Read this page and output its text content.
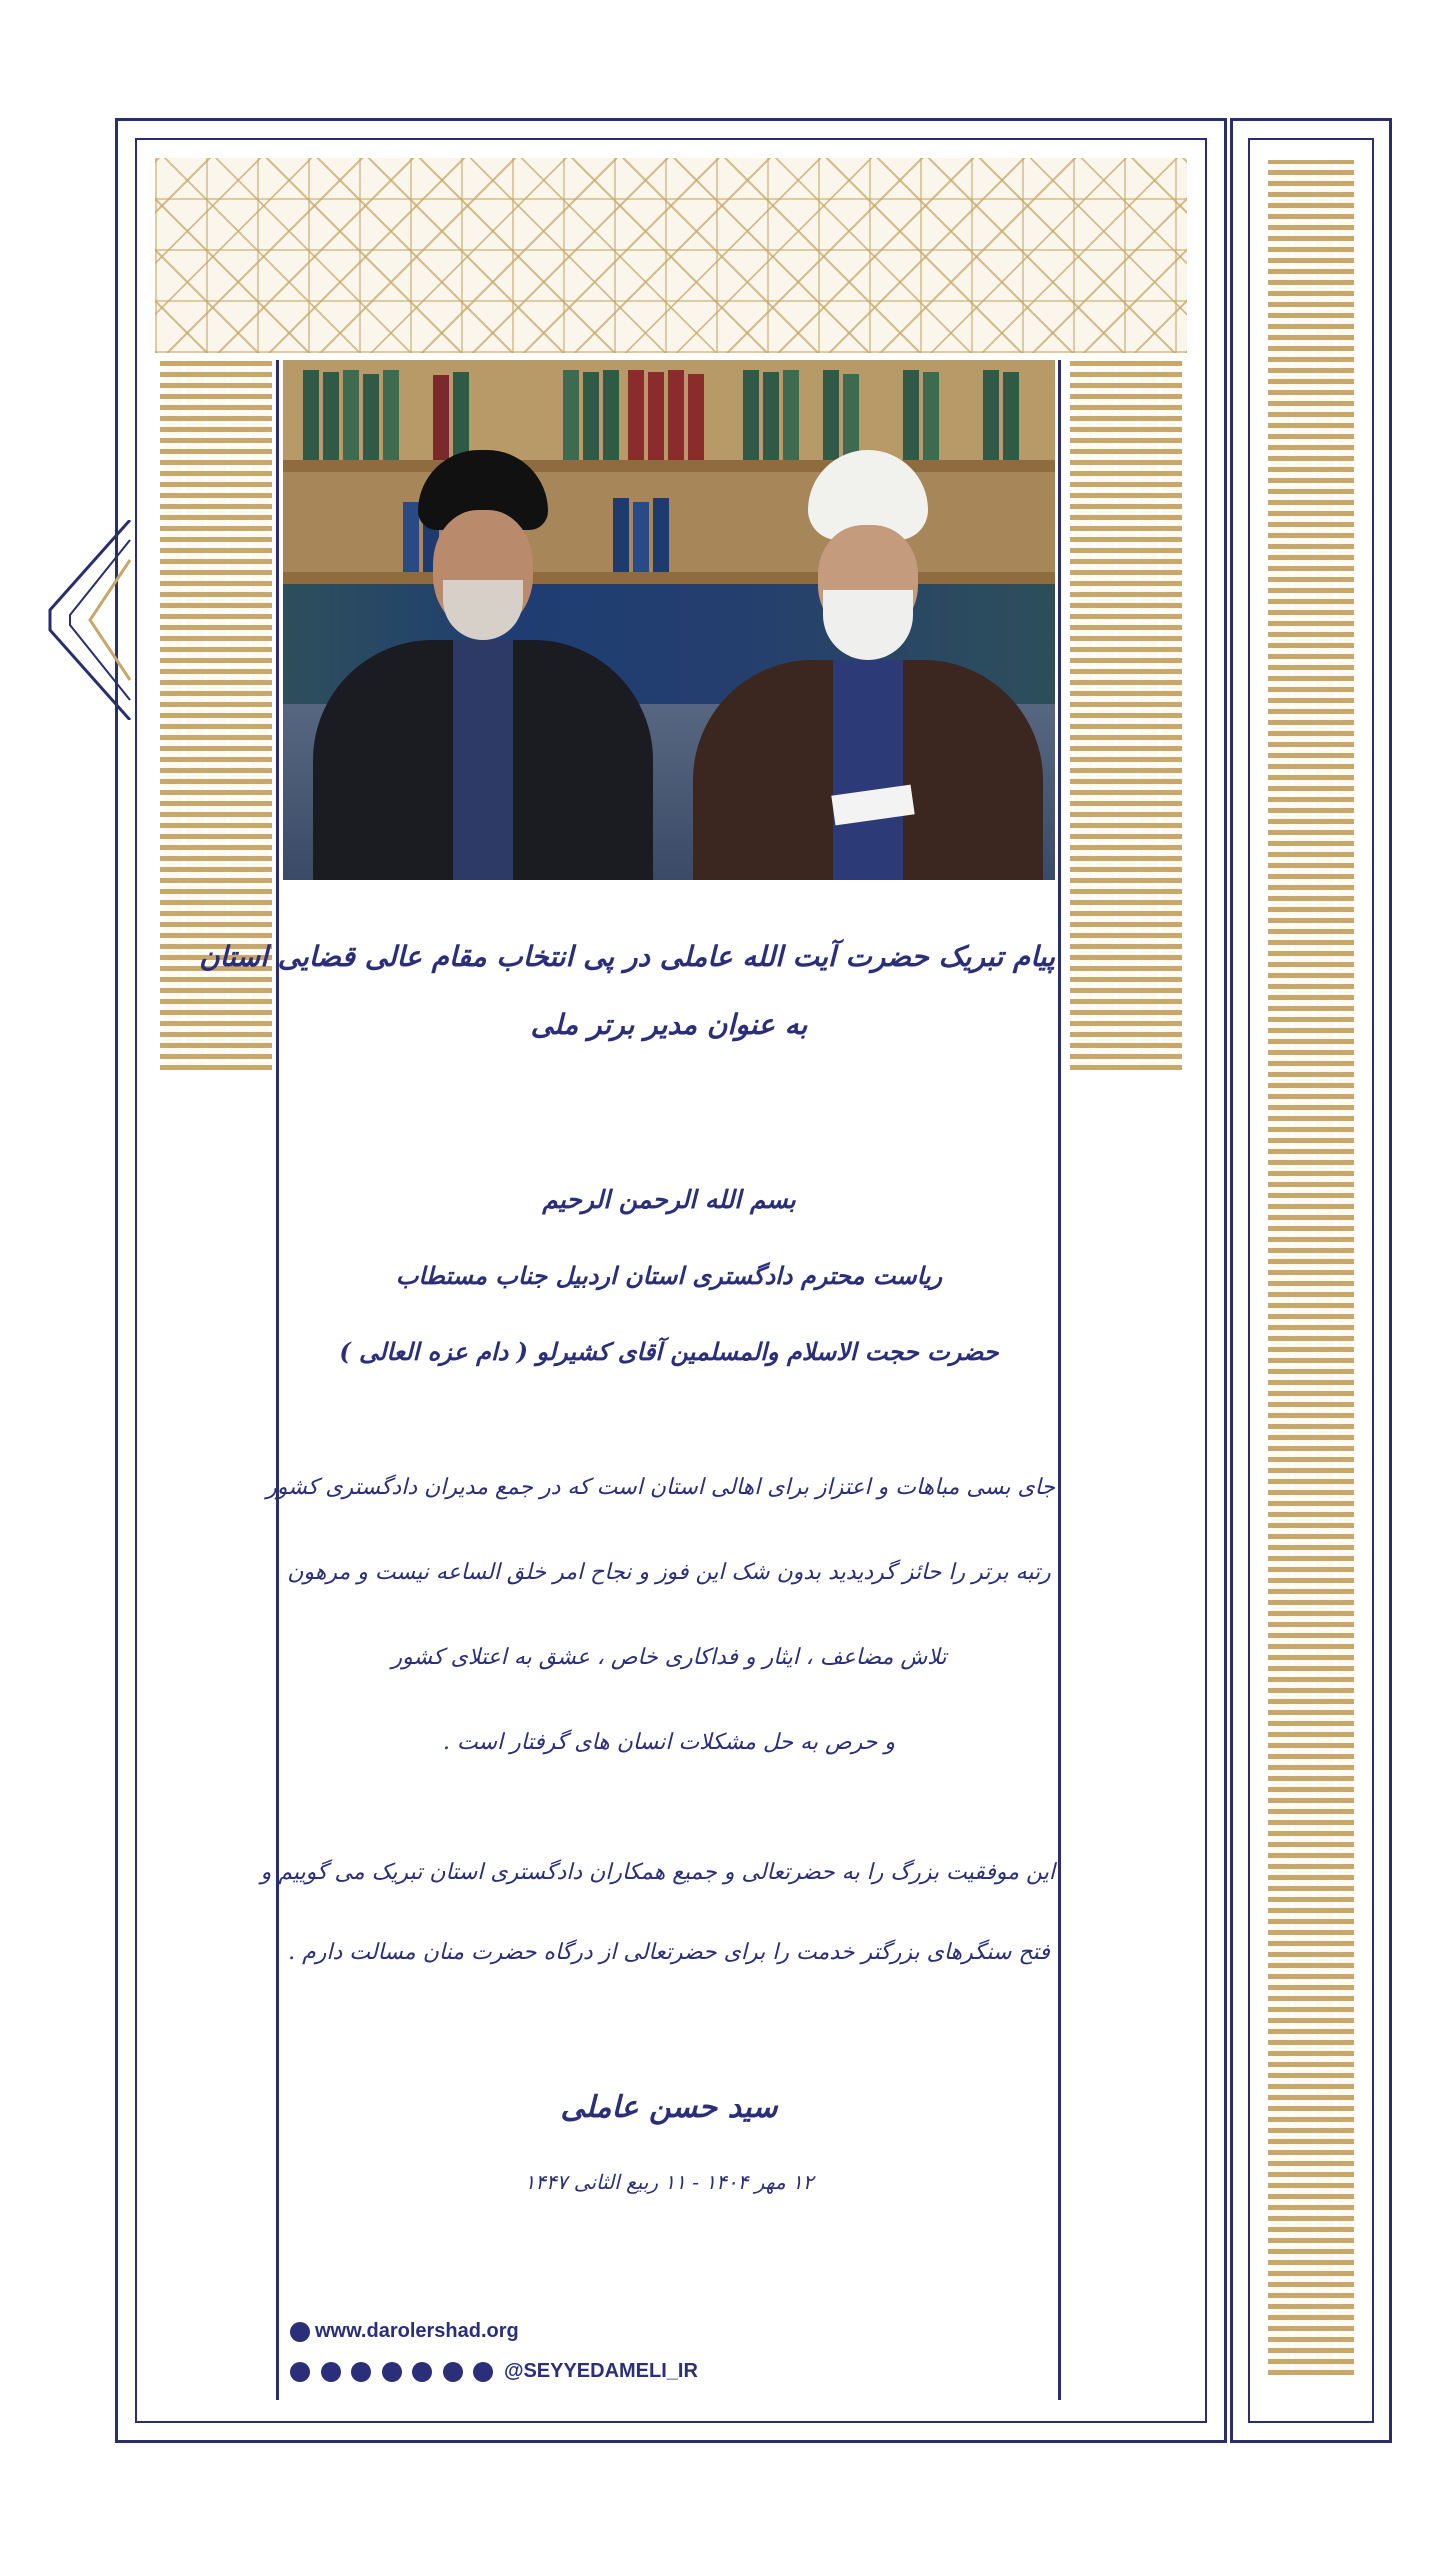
پیام تبریک حضرت آیت الله عاملی در پی انتخاب مقام عالی قضایی استان
به عنوان مدیر برتر ملی
بسم الله الرحمن الرحیم
ریاست محترم دادگستری استان اردبیل جناب مستطاب
حضرت حجت الاسلام والمسلمین آقای کشیرلو ( دام عزه العالی )
جای بسی مباهات و اعتزاز برای اهالی استان است که در جمع مدیران دادگستری کشور
رتبه برتر را حائز گردیدید بدون شک این فوز و نجاح امر خلق الساعه نیست و مرهون
تلاش مضاعف ، ایثار و فداکاری خاص ، عشق به اعتلای کشور
و حرص به حل مشکلات انسان های گرفتار است .
این موفقیت بزرگ را به حضرتعالی و جمیع همکاران دادگستری استان تبریک می گوییم و
فتح سنگرهای بزرگتر خدمت را برای حضرتعالی از درگاه حضرت منان مسالت دارم .
سید حسن عاملی
۱۲ مهر ۱۴۰۴ - ۱۱ ربیع الثانی ۱۴۴۷
www.darolershad.org
@SEYYEDAMELI_IR
